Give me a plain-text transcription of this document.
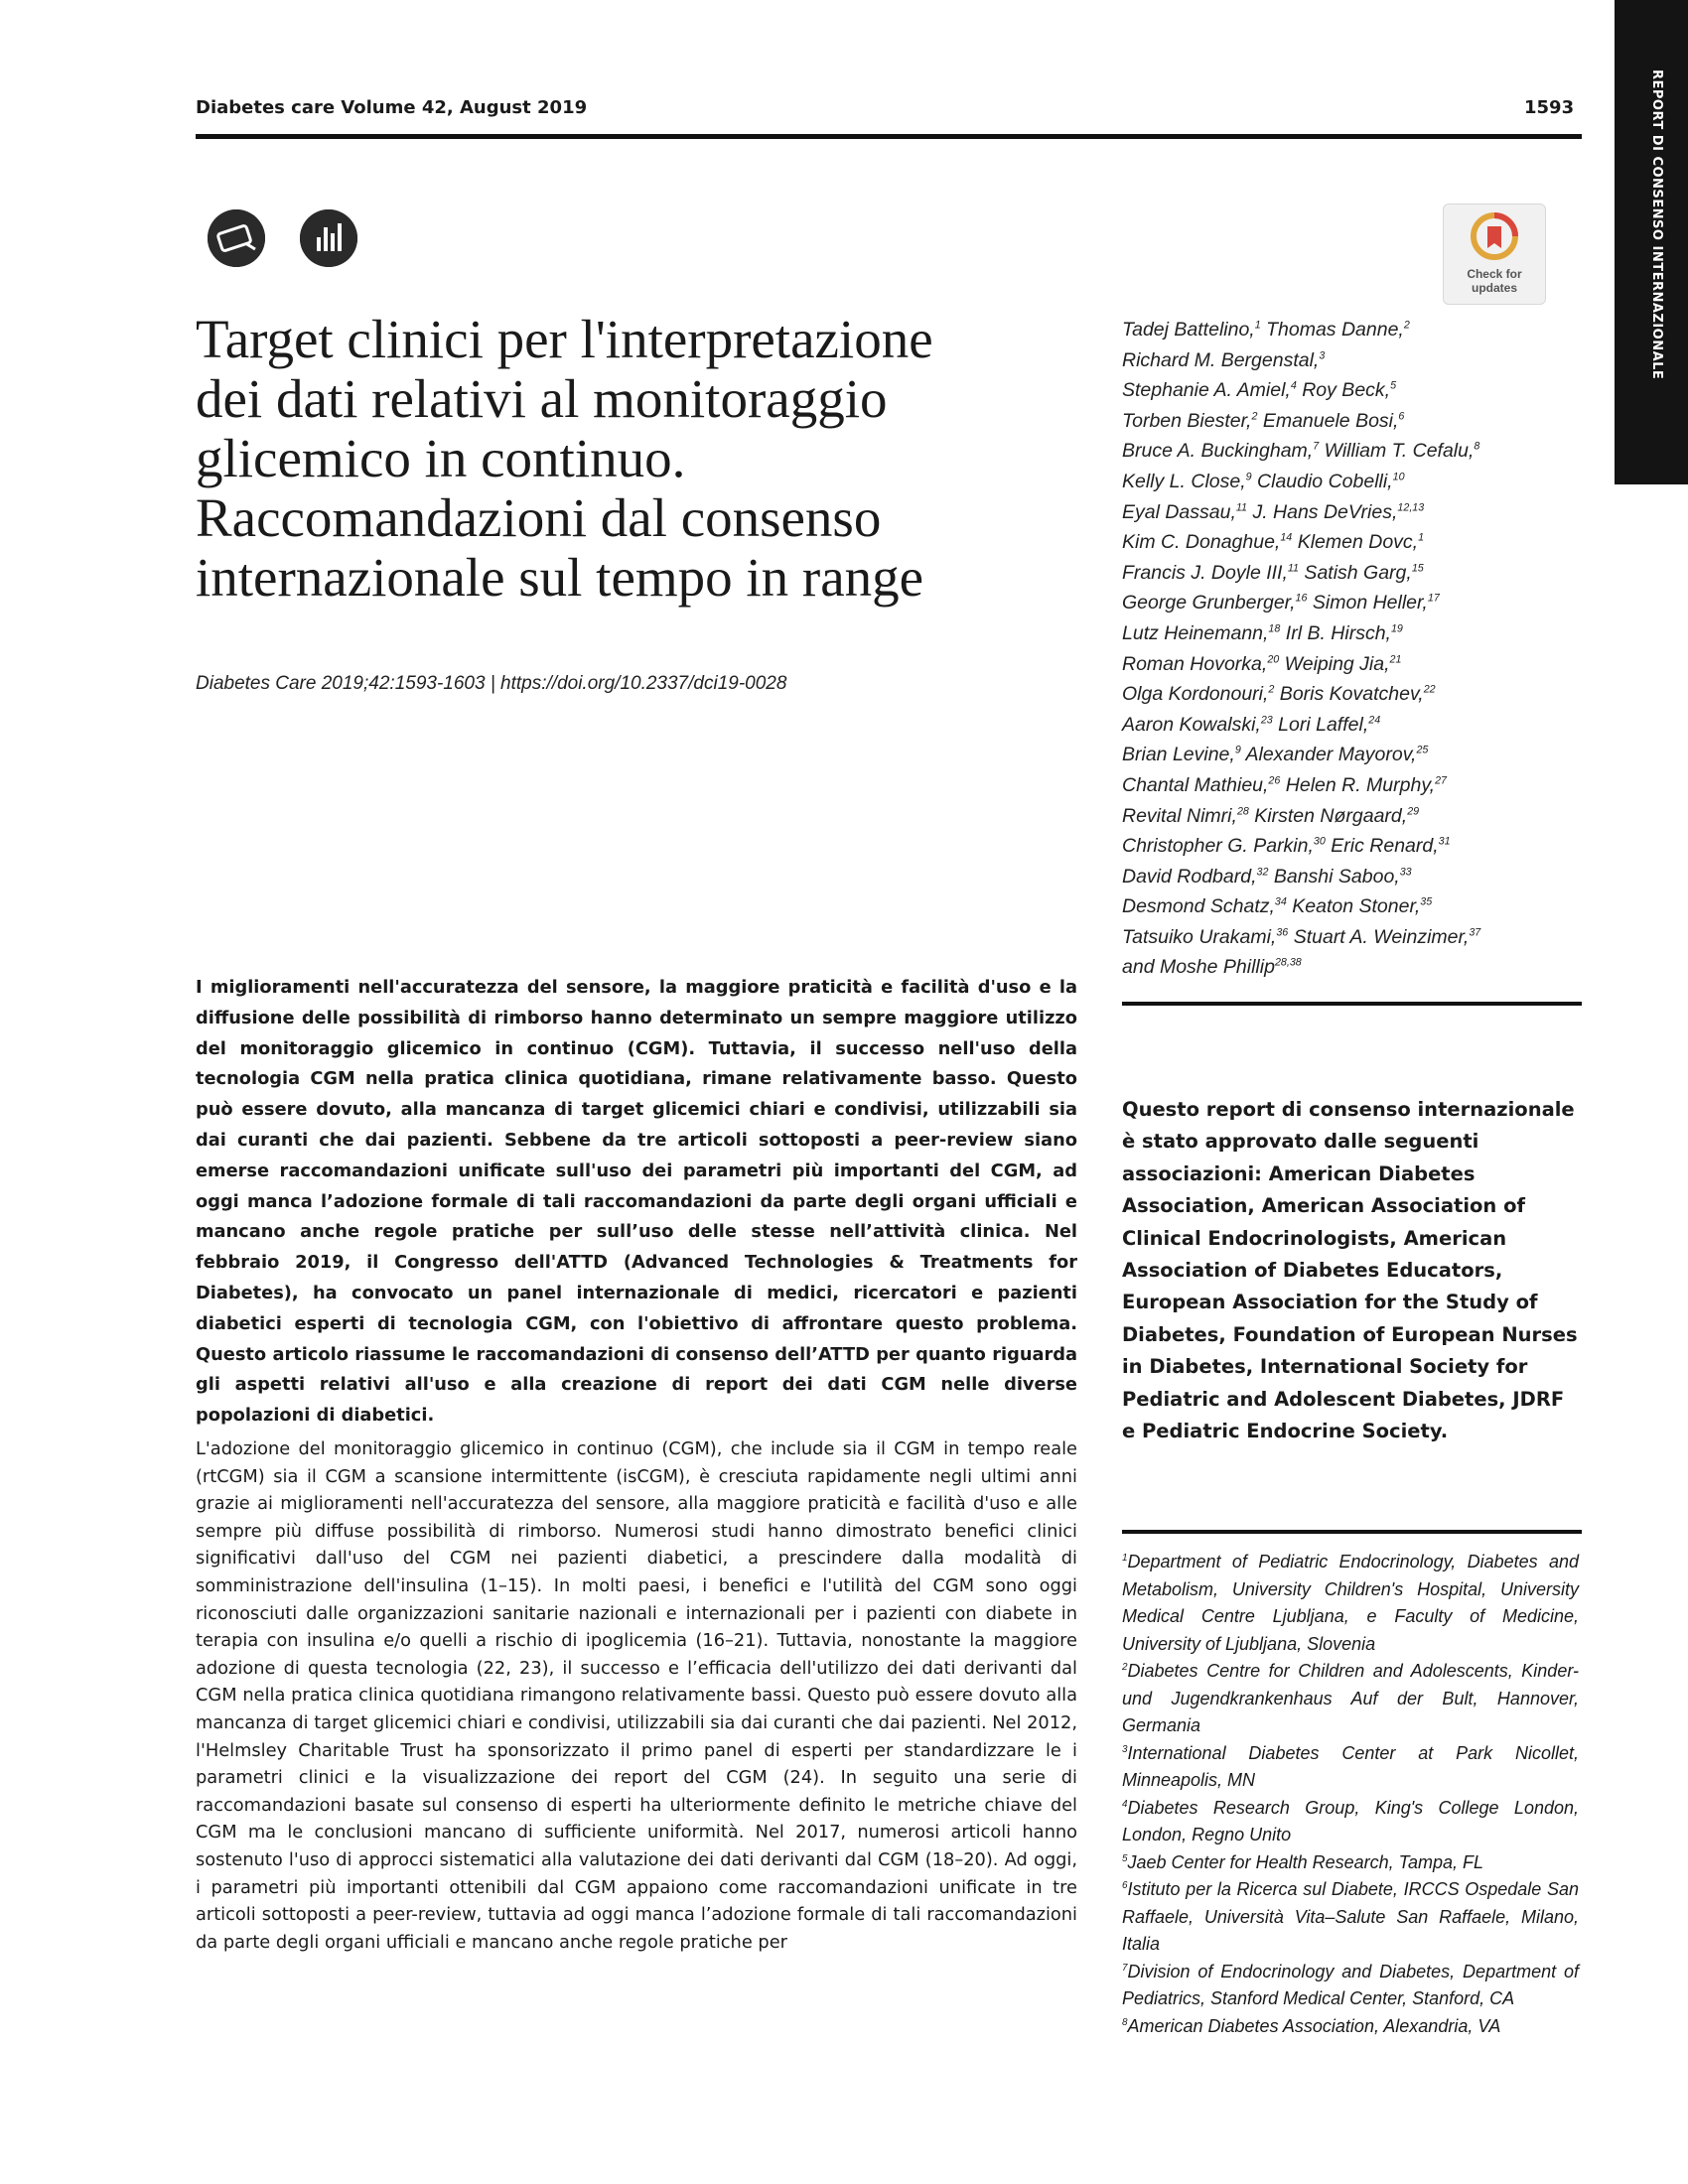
Diabetes care Volume 42, August 2019	1593	REPORT DI CONSENSO INTERNAZIONALE
Check for
updates
Target clinici per l'interpretazione
dei dati relativi al monitoraggio
glicemico in continuo.
Raccomandazioni dal consenso
internazionale sul tempo in range
Diabetes Care 2019;42:1593-1603 | https://doi.org/10.2337/dci19-0028
Tadej Battelino,$^1$ Thomas Danne,$^2$
Richard M. Bergenstal,$^3$
Stephanie A. Amiel,$^4$ Roy Beck,$^5$
Torben Biester,$^2$ Emanuele Bosi,$^6$
Bruce A. Buckingham,$^7$ William T. Cefalu,$^8$
Kelly L. Close,$^9$ Claudio Cobelli,$^{10}$
Eyal Dassau,$^{11}$ J. Hans DeVries,$^{12,13}$
Kim C. Donaghue,$^{14}$ Klemen Dovc,$^1$
Francis J. Doyle III,$^{11}$ Satish Garg,$^{15}$
George Grunberger,$^{16}$ Simon Heller,$^{17}$
Lutz Heinemann,$^{18}$ Irl B. Hirsch,$^{19}$
Roman Hovorka,$^{20}$ Weiping Jia,$^{21}$
Olga Kordonouri,$^2$ Boris Kovatchev,$^{22}$
Aaron Kowalski,$^{23}$ Lori Laffel,$^{24}$
Brian Levine,$^9$ Alexander Mayorov,$^{25}$
Chantal Mathieu,$^{26}$ Helen R. Murphy,$^{27}$
Revital Nimri,$^{28}$ Kirsten Nørgaard,$^{29}$
Christopher G. Parkin,$^{30}$ Eric Renard,$^{31}$
David Rodbard,$^{32}$ Banshi Saboo,$^{33}$
Desmond Schatz,$^{34}$ Keaton Stoner,$^{35}$
Tatsuiko Urakami,$^{36}$ Stuart A. Weinzimer,$^{37}$
and Moshe Phillip$^{28,38}$
I miglioramenti nell'accuratezza del sensore, la maggiore praticità e facilità d'uso e la diffusione delle possibilità di rimborso hanno determinato un sempre maggiore utilizzo del monitoraggio glicemico in continuo (CGM). Tuttavia, il successo nell'uso della tecnologia CGM nella pratica clinica quotidiana, rimane relativamente basso. Questo può essere dovuto, alla mancanza di target glicemici chiari e condivisi, utilizzabili sia dai curanti che dai pazienti. Sebbene da tre articoli sottoposti a peer-review siano emerse raccomandazioni unificate sull'uso dei parametri più importanti del CGM, ad oggi manca l’adozione formale di tali raccomandazioni da parte degli organi ufficiali e mancano anche regole pratiche per sull’uso delle stesse nell’attività clinica. Nel febbraio 2019, il Congresso dell'ATTD (Advanced Technologies & Treatments for Diabetes), ha convocato un panel internazionale di medici, ricercatori e pazienti diabetici esperti di tecnologia CGM, con l'obiettivo di affrontare questo problema. Questo articolo riassume le raccomandazioni di consenso dell’ATTD per quanto riguarda gli aspetti relativi all'uso e alla creazione di report dei dati CGM nelle diverse popolazioni di diabetici.
L'adozione del monitoraggio glicemico in continuo (CGM), che include sia il CGM in tempo reale (rtCGM) sia il CGM a scansione intermittente (isCGM), è cresciuta rapidamente negli ultimi anni grazie ai miglioramenti nell'accuratezza del sensore, alla maggiore praticità e facilità d'uso e alle sempre più diffuse possibilità di rimborso. Numerosi studi hanno dimostrato benefici clinici significativi dall'uso del CGM nei pazienti diabetici, a prescindere dalla modalità di somministrazione dell'insulina (1–15). In molti paesi, i benefici e l'utilità del CGM sono oggi riconosciuti dalle organizzazioni sanitarie nazionali e internazionali per i pazienti con diabete in terapia con insulina e/o quelli a rischio di ipoglicemia (16–21). Tuttavia, nonostante la maggiore adozione di questa tecnologia (22, 23), il successo e l’efficacia dell'utilizzo dei dati derivanti dal CGM nella pratica clinica quotidiana rimangono relativamente bassi. Questo può essere dovuto alla mancanza di target glicemici chiari e condivisi, utilizzabili sia dai curanti che dai pazienti. Nel 2012, l'Helmsley Charitable Trust ha sponsorizzato il primo panel di esperti per standardizzare le i parametri clinici e la visualizzazione dei report del CGM (24). In seguito una serie di raccomandazioni basate sul consenso di esperti ha ulteriormente definito le metriche chiave del CGM ma le conclusioni mancano di sufficiente uniformità. Nel 2017, numerosi articoli hanno sostenuto l'uso di approcci sistematici alla valutazione dei dati derivanti dal CGM (18–20). Ad oggi, i parametri più importanti ottenibili dal CGM appaiono come raccomandazioni unificate in tre articoli sottoposti a peer-review, tuttavia ad oggi manca l’adozione formale di tali raccomandazioni da parte degli organi ufficiali e mancano anche regole pratiche per
Questo report di consenso internazionale è stato approvato dalle seguenti associazioni: American Diabetes Association, American Association of Clinical Endocrinologists, American Association of Diabetes Educators, European Association for the Study of Diabetes, Foundation of European Nurses in Diabetes, International Society for Pediatric and Adolescent Diabetes, JDRF e Pediatric Endocrine Society.

$^1$Department of Pediatric Endocrinology, Diabetes and Metabolism, University Children's Hospital, University Medical Centre Ljubljana, e Faculty of Medicine, University of Ljubljana, Slovenia

$^2$Diabetes Centre for Children and Adolescents, Kinder- und Jugendkrankenhaus Auf der Bult, Hannover, Germania

$^3$International Diabetes Center at Park Nicollet, Minneapolis, MN

$^4$Diabetes Research Group, King's College London, London, Regno Unito

$^5$Jaeb Center for Health Research, Tampa, FL

$^6$Istituto per la Ricerca sul Diabete, IRCCS Ospedale San Raffaele, Università Vita–Salute San Raffaele, Milano, Italia

$^7$Division of Endocrinology and Diabetes, Department of Pediatrics, Stanford Medical Center, Stanford, CA

$^8$American Diabetes Association, Alexandria, VA
